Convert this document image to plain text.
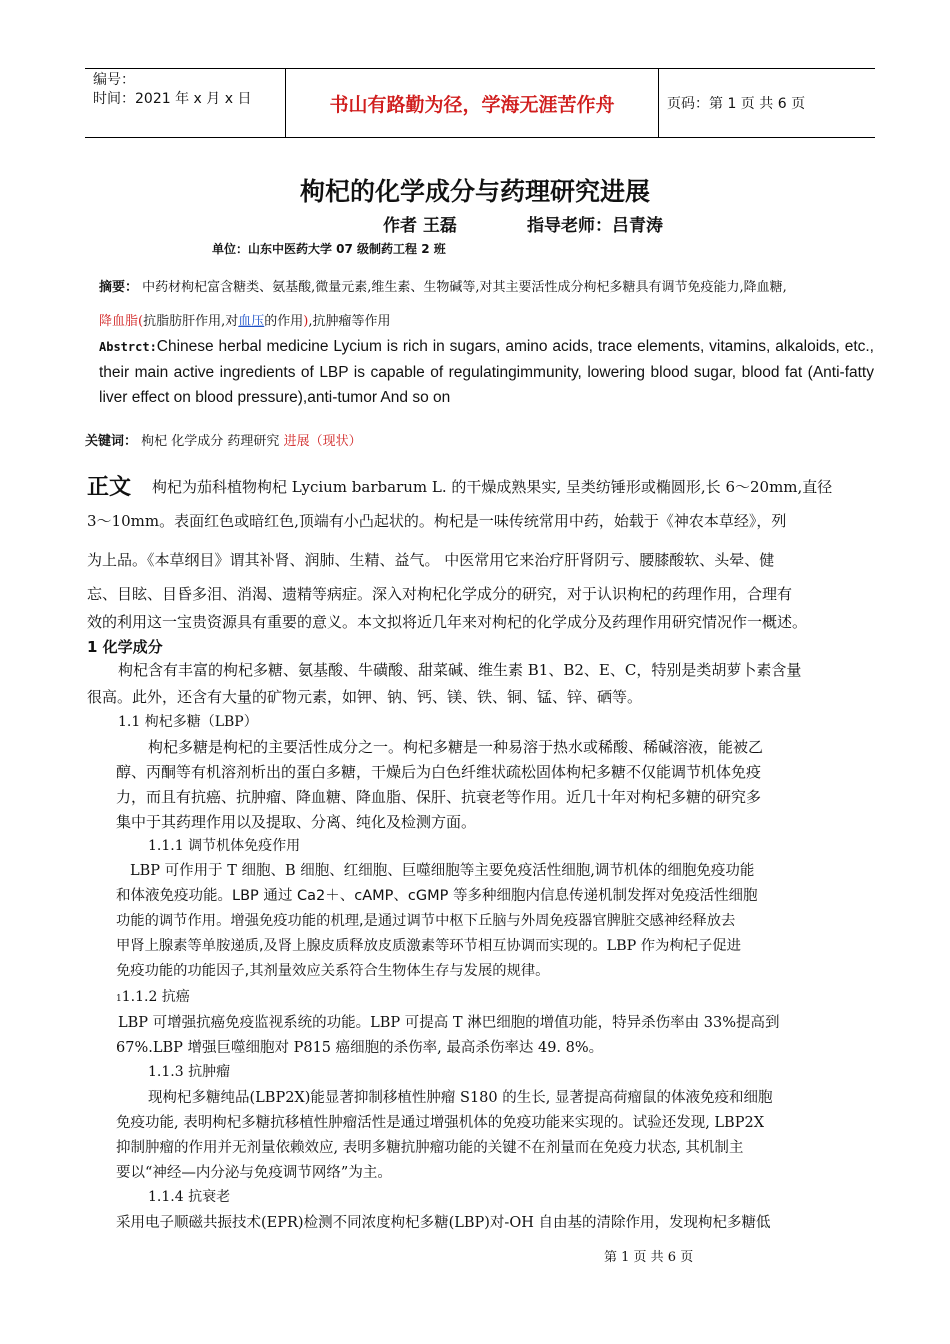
编号：
时间：2021 年 x 月 x 日	书山有路勤为径，学海无涯苦作舟	页码：第 1 页 共 6 页
枸杞的化学成分与药理研究进展
作者 王磊	指导老师：吕青涛
单位：山东中医药大学 07 级制药工程 2 班
摘要： 中药材枸杞富含糖类、氨基酸,微量元素,维生素、生物碱等,对其主要活性成分枸杞多糖具有调节免疫能力,降血糖,
降血脂(抗脂肪肝作用,对血压的作用),抗肿瘤等作用
Abstrct:Chinese herbal medicine Lycium is rich in sugars, amino acids, trace elements, vitamins, alkaloids, etc., their main active ingredients of LBP is capable of regulatingimmunity, lowering blood sugar, blood fat (Anti-fatty liver effect on blood pressure),anti-tumor And so on
关键词： 枸杞 化学成分 药理研究 进展（现状）
正文 枸杞为茄科植物枸杞 Lycium barbarum L. 的干燥成熟果实, 呈类纺锤形或椭圆形,长 6～20mm,直径
3～10mm。表面红色或暗红色,顶端有小凸起状的。枸杞是一味传统常用中药，始载于《神农本草经》，列
为上品。《本草纲目》谓其补肾、润肺、生精、益气。 中医常用它来治疗肝肾阴亏、腰膝酸软、头晕、健
忘、目眩、目昏多泪、消渴、遗精等病症。深入对枸杞化学成分的研究，对于认识枸杞的药理作用，合理有
效的利用这一宝贵资源具有重要的意义。本文拟将近几年来对枸杞的化学成分及药理作用研究情况作一概述。
1 化学成分
枸杞含有丰富的枸杞多糖、氨基酸、牛磺酸、甜菜碱、维生素 B1、B2、E、C，特别是类胡萝卜素含量
很高。此外，还含有大量的矿物元素，如钾、钠、钙、镁、铁、铜、锰、锌、硒等。
1.1 枸杞多糖（LBP）
枸杞多糖是枸杞的主要活性成分之一。枸杞多糖是一种易溶于热水或稀酸、稀碱溶液，能被乙
醇、丙酮等有机溶剂析出的蛋白多糖，干燥后为白色纤维状疏松固体枸杞多糖不仅能调节机体免疫
力，而且有抗癌、抗肿瘤、降血糖、降血脂、保肝、抗衰老等作用。近几十年对枸杞多糖的研究多
集中于其药理作用以及提取、分离、纯化及检测方面。
1.1.1 调节机体免疫作用
LBP 可作用于 T 细胞、B 细胞、红细胞、巨噬细胞等主要免疫活性细胞,调节机体的细胞免疫功能
和体液免疫功能。LBP 通过 Ca2＋、cAMP、cGMP 等多种细胞内信息传递机制发挥对免疫活性细胞
功能的调节作用。增强免疫功能的机理,是通过调节中枢下丘脑与外周免疫器官脾脏交感神经释放去
甲肾上腺素等单胺递质,及肾上腺皮质释放皮质激素等环节相互协调而实现的。LBP 作为枸杞子促进
免疫功能的功能因子,其剂量效应关系符合生物体生存与发展的规律。
11.1.2 抗癌
LBP 可增强抗癌免疫监视系统的功能。LBP 可提高 T 淋巴细胞的增值功能，特异杀伤率由 33%提高到
67%.LBP 增强巨噬细胞对 P815 癌细胞的杀伤率, 最高杀伤率达 49. 8%。
1.1.3 抗肿瘤
现枸杞多糖纯品(LBP2X)能显著抑制移植性肿瘤 S180 的生长, 显著提高荷瘤鼠的体液免疫和细胞
免疫功能, 表明枸杞多糖抗移植性肿瘤活性是通过增强机体的免疫功能来实现的。试验还发现, LBP2X
抑制肿瘤的作用并无剂量依赖效应, 表明多糖抗肿瘤功能的关键不在剂量而在免疫力状态, 其机制主
要以“神经—内分泌与免疫调节网络”为主。
1.1.4 抗衰老
采用电子顺磁共振技术(EPR)检测不同浓度枸杞多糖(LBP)对-OH 自由基的清除作用，发现枸杞多糖低
第 1 页 共 6 页
